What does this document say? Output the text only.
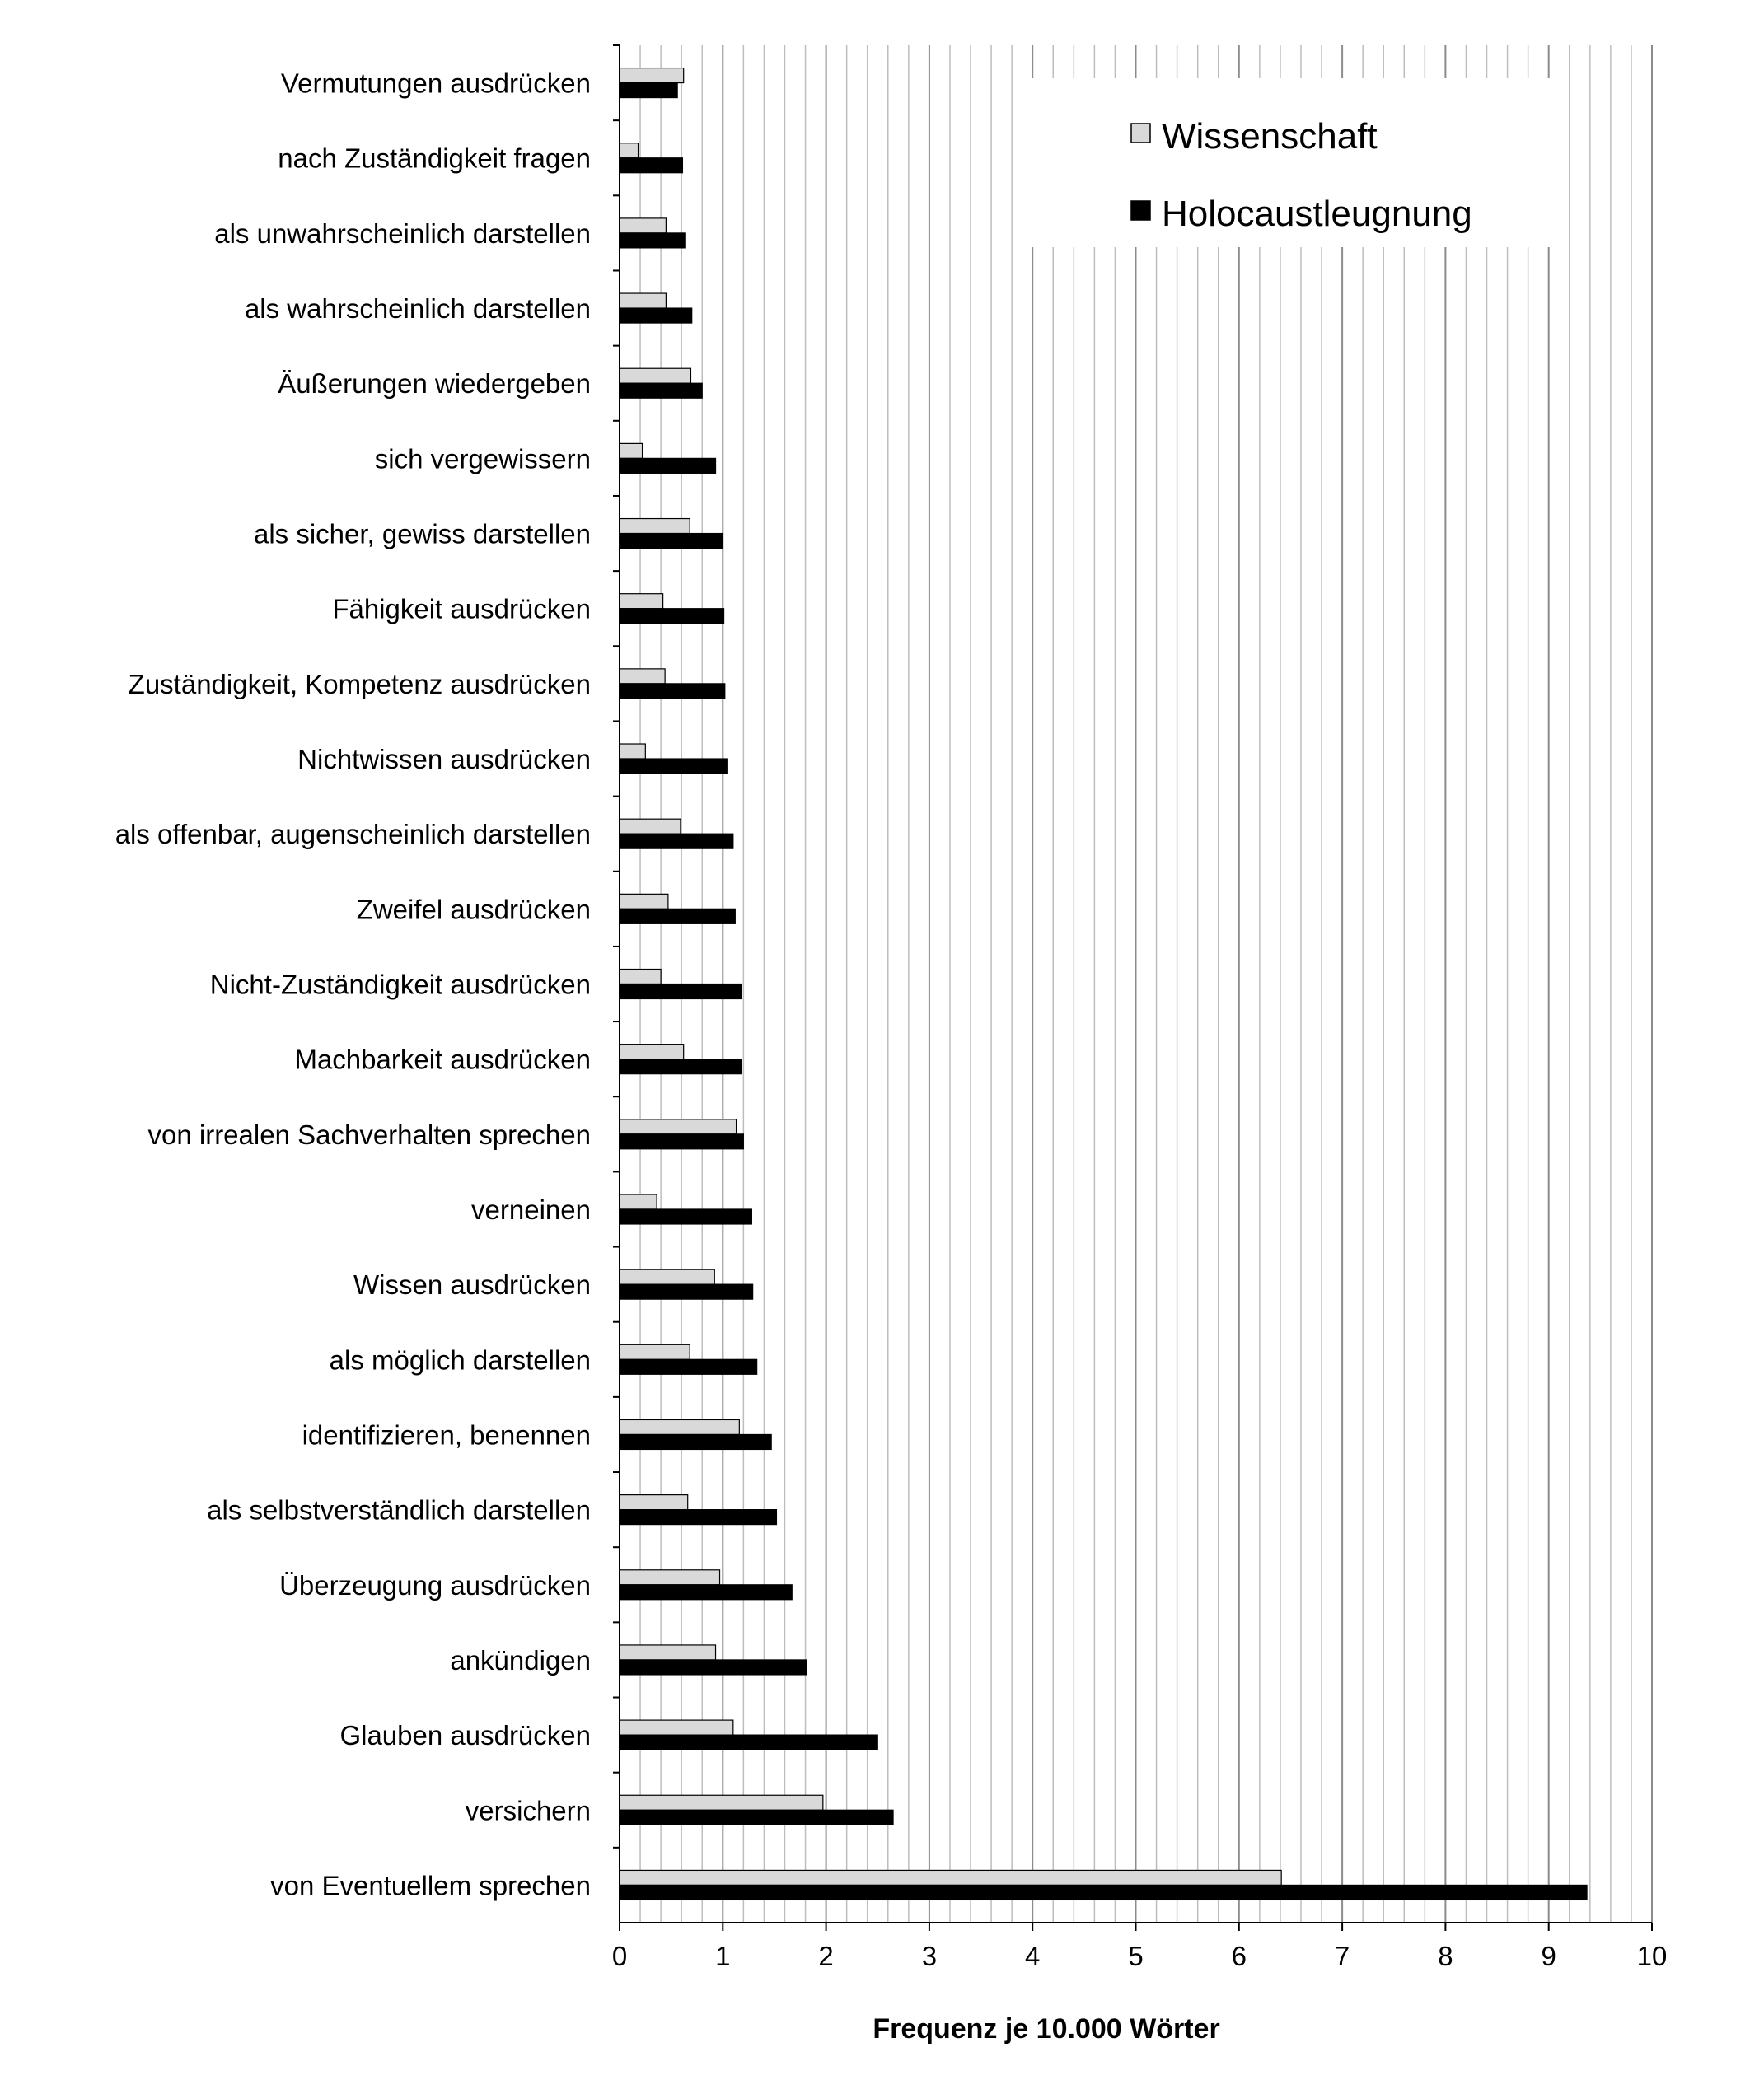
0	1	2	3	4	5	6	7	8	9	10
Vermutungen ausdrücken
nach Zuständigkeit fragen
als unwahrscheinlich darstellen
als wahrscheinlich darstellen
Äußerungen wiedergeben
sich vergewissern
als sicher, gewiss darstellen
Fähigkeit ausdrücken
Zuständigkeit, Kompetenz ausdrücken
Nichtwissen ausdrücken
als offenbar, augenscheinlich darstellen
Zweifel ausdrücken
Nicht-Zuständigkeit ausdrücken
Machbarkeit ausdrücken
von irrealen Sachverhalten sprechen
verneinen
Wissen ausdrücken
als möglich darstellen
identifizieren, benennen
als selbstverständlich darstellen
Überzeugung ausdrücken
ankündigen
Glauben ausdrücken
versichern
von Eventuellem sprechen
Wissenschaft
Holocaustleugnung
Frequenz je 10.000 Wörter
